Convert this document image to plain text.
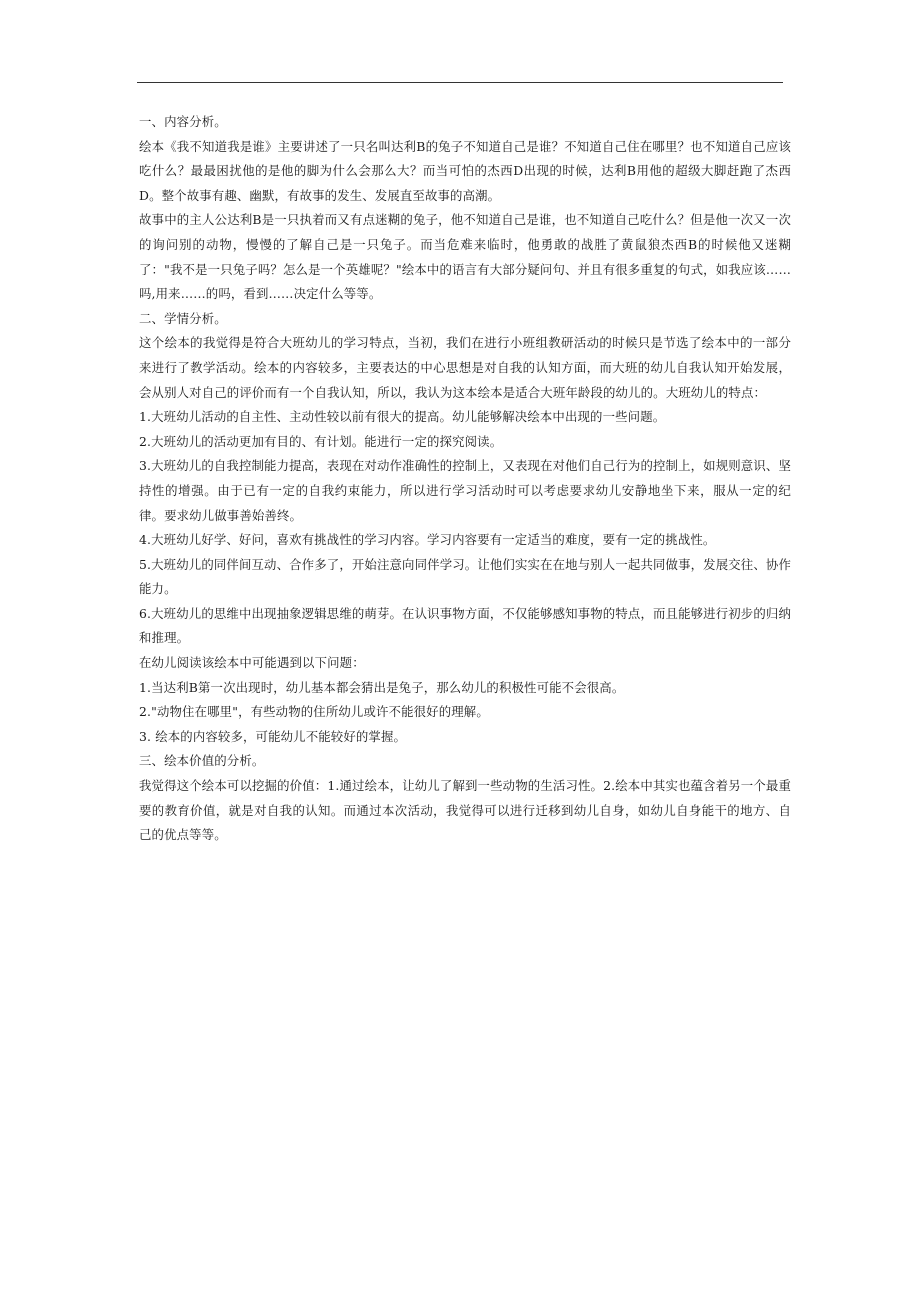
一、内容分析。

绘本《我不知道我是谁》主要讲述了一只名叫达利B的兔子不知道自己是谁？不知道自己住在哪里？也不知道自己应该吃什么？最最困扰他的是他的脚为什么会那么大？而当可怕的杰西D出现的时候，达利B用他的超级大脚赶跑了杰西D。整个故事有趣、幽默，有故事的发生、发展直至故事的高潮。

故事中的主人公达利B是一只执着而又有点迷糊的兔子，他不知道自己是谁，也不知道自己吃什么？但是他一次又一次的询问别的动物，慢慢的了解自己是一只兔子。而当危难来临时，他勇敢的战胜了黄鼠狼杰西B的时候他又迷糊了："我不是一只兔子吗？怎么是一个英雄呢？"绘本中的语言有大部分疑问句、并且有很多重复的句式，如我应该……吗,用来……的吗，看到……决定什么等等。

二、学情分析。

这个绘本的我觉得是符合大班幼儿的学习特点，当初，我们在进行小班组教研活动的时候只是节选了绘本中的一部分来进行了教学活动。绘本的内容较多，主要表达的中心思想是对自我的认知方面，而大班的幼儿自我认知开始发展，会从别人对自己的评价而有一个自我认知，所以，我认为这本绘本是适合大班年龄段的幼儿的。大班幼儿的特点：

1.大班幼儿活动的自主性、主动性较以前有很大的提高。幼儿能够解决绘本中出现的一些问题。

2.大班幼儿的活动更加有目的、有计划。能进行一定的探究阅读。

3.大班幼儿的自我控制能力提高，表现在对动作准确性的控制上，又表现在对他们自己行为的控制上，如规则意识、坚持性的增强。由于已有一定的自我约束能力，所以进行学习活动时可以考虑要求幼儿安静地坐下来，服从一定的纪律。要求幼儿做事善始善终。

4.大班幼儿好学、好问，喜欢有挑战性的学习内容。学习内容要有一定适当的难度，要有一定的挑战性。

5.大班幼儿的同伴间互动、合作多了，开始注意向同伴学习。让他们实实在在地与别人一起共同做事，发展交往、协作能力。

6.大班幼儿的思维中出现抽象逻辑思维的萌芽。在认识事物方面，不仅能够感知事物的特点，而且能够进行初步的归纳和推理。

在幼儿阅读该绘本中可能遇到以下问题：

1.当达利B第一次出现时，幼儿基本都会猜出是兔子，那么幼儿的积极性可能不会很高。

2."动物住在哪里"，有些动物的住所幼儿或许不能很好的理解。

3. 绘本的内容较多，可能幼儿不能较好的掌握。

三、绘本价值的分析。

我觉得这个绘本可以挖掘的价值：1.通过绘本，让幼儿了解到一些动物的生活习性。2.绘本中其实也蕴含着另一个最重要的教育价值，就是对自我的认知。而通过本次活动，我觉得可以进行迁移到幼儿自身，如幼儿自身能干的地方、自己的优点等等。
